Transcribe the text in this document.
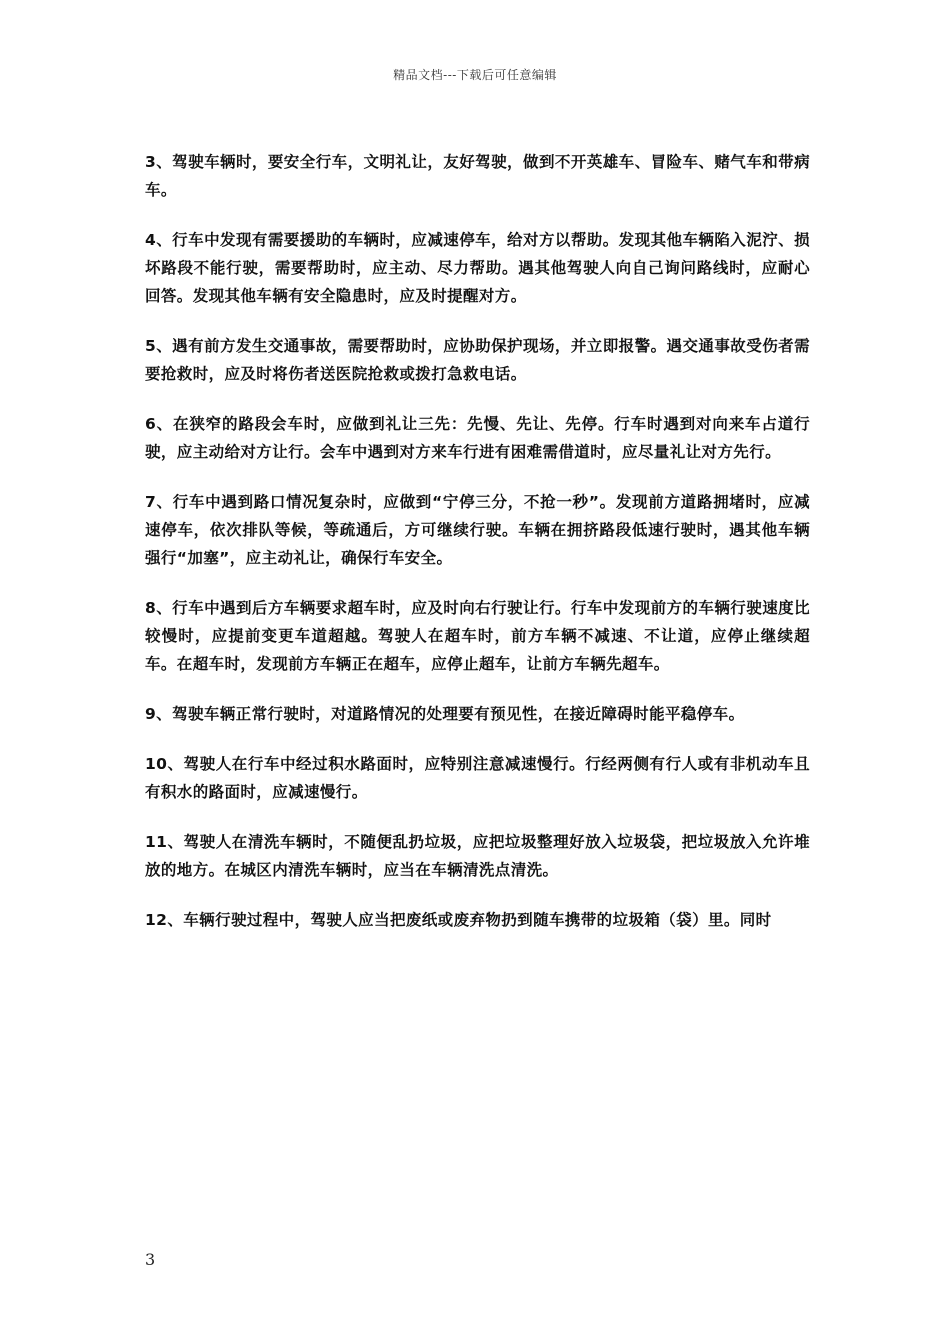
精品文档---下载后可任意编辑

3、驾驶车辆时，要安全行车，文明礼让，友好驾驶，做到不开英雄车、冒险车、赌气车和带病车。

4、行车中发现有需要援助的车辆时，应减速停车，给对方以帮助。发现其他车辆陷入泥泞、损坏路段不能行驶，需要帮助时，应主动、尽力帮助。遇其他驾驶人向自己询问路线时，应耐心回答。发现其他车辆有安全隐患时，应及时提醒对方。

5、遇有前方发生交通事故，需要帮助时，应协助保护现场，并立即报警。遇交通事故受伤者需要抢救时，应及时将伤者送医院抢救或拨打急救电话。

6、在狭窄的路段会车时，应做到礼让三先：先慢、先让、先停。行车时遇到对向来车占道行驶，应主动给对方让行。会车中遇到对方来车行进有困难需借道时，应尽量礼让对方先行。

7、行车中遇到路口情况复杂时，应做到“宁停三分，不抢一秒”。发现前方道路拥堵时，应减速停车，依次排队等候，等疏通后，方可继续行驶。车辆在拥挤路段低速行驶时，遇其他车辆强行“加塞”，应主动礼让，确保行车安全。

8、行车中遇到后方车辆要求超车时，应及时向右行驶让行。行车中发现前方的车辆行驶速度比较慢时，应提前变更车道超越。驾驶人在超车时，前方车辆不减速、不让道，应停止继续超车。在超车时，发现前方车辆正在超车，应停止超车，让前方车辆先超车。

9、驾驶车辆正常行驶时，对道路情况的处理要有预见性，在接近障碍时能平稳停车。

10、驾驶人在行车中经过积水路面时，应特别注意减速慢行。行经两侧有行人或有非机动车且有积水的路面时，应减速慢行。

11、驾驶人在清洗车辆时，不随便乱扔垃圾，应把垃圾整理好放入垃圾袋，把垃圾放入允许堆放的地方。在城区内清洗车辆时，应当在车辆清洗点清洗。

12、车辆行驶过程中，驾驶人应当把废纸或废弃物扔到随车携带的垃圾箱（袋）里。同时

3
